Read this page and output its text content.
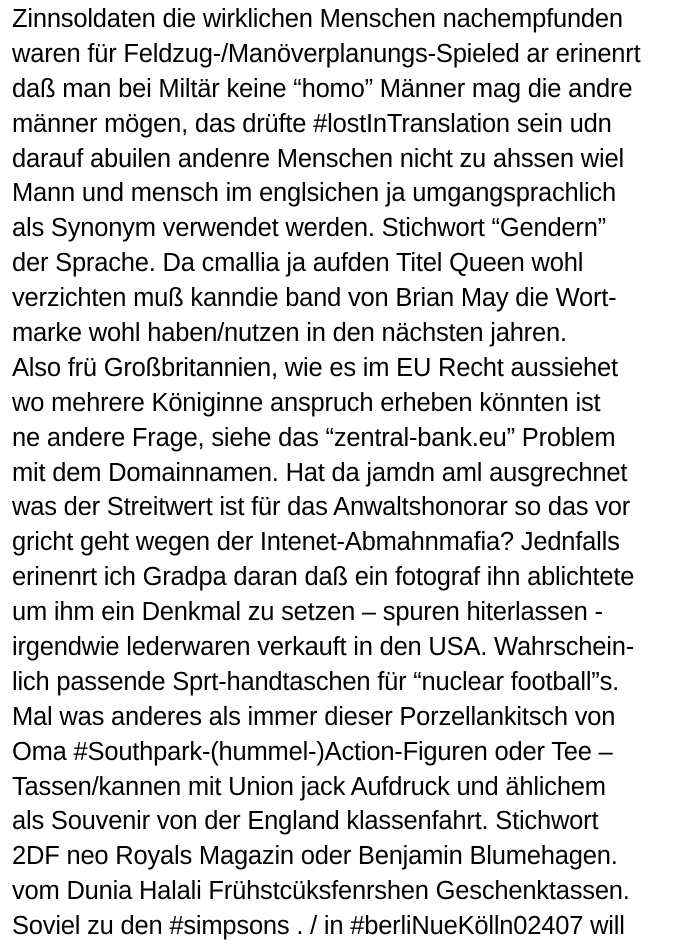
Zinnsoldaten die wirklichen Menschen nachempfunden
waren für Feldzug-/Manöverplanungs-Spieled ar erinenrt
daß man bei Miltär keine “homo” Männer mag die andre
männer mögen, das drüfte #lostInTranslation sein udn
darauf abuilen andenre Menschen nicht zu ahssen wiel
Mann und mensch im englsichen ja umgangsprachlich
als Synonym verwendet werden. Stichwort “Gendern”
der Sprache. Da cmallia ja aufden Titel Queen wohl
verzichten muß kanndie band von Brian May die Wort-
marke wohl haben/nutzen in den nächsten jahren.
Also frü Großbritannien, wie es im EU Recht aussiehet
wo mehrere Königinne anspruch erheben könnten ist
ne andere Frage, siehe das “zentral-bank.eu” Problem
mit dem Domainnamen. Hat da jamdn aml ausgrechnet
was der Streitwert ist für das Anwaltshonorar so das vor
gricht geht wegen der Intenet-Abmahnmafia? Jednfalls
erinenrt ich Gradpa daran daß ein fotograf ihn ablichtete
um ihm ein Denkmal zu setzen – spuren hiterlassen -
irgendwie lederwaren verkauft in den USA. Wahrschein-
lich passende Sprt-handtaschen für “nuclear football”s.
Mal was anderes als immer dieser Porzellankitsch von
Oma #Southpark-(hummel-)Action-Figuren oder Tee –
Tassen/kannen mit Union jack Aufdruck und ählichem
als Souvenir von der England klassenfahrt. Stichwort
2DF neo Royals Magazin oder Benjamin Blumehagen.
vom Dunia Halali Frühstcüksfenrshen Geschenktassen.
Soviel zu den #simpsons . / in #berliNueKölln02407 will
